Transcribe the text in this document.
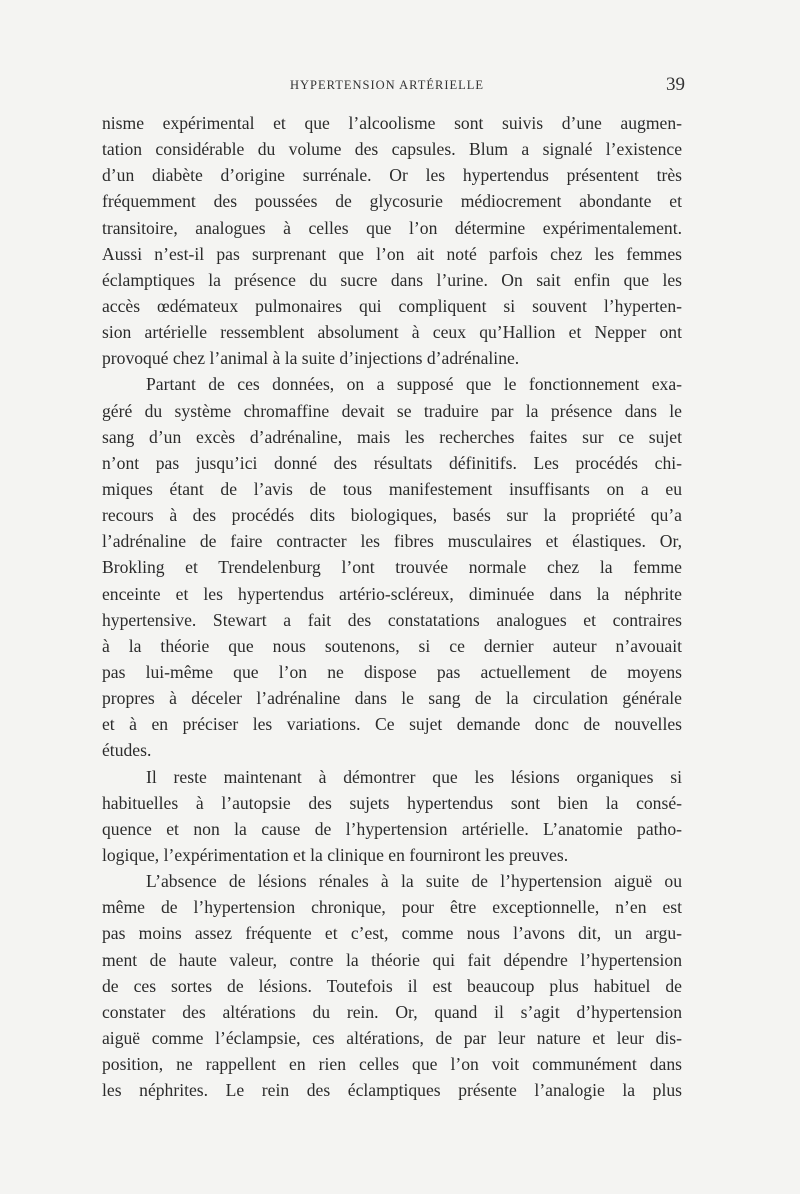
HYPERTENSION ARTÉRIELLE	39
nisme expérimental et que l’alcoolisme sont suivis d’une augmen-
tation considérable du volume des capsules. Blum a signalé l’existence
d’un diabète d’origine surrénale. Or les hypertendus présentent très
fréquemment des poussées de glycosurie médiocrement abondante et
transitoire, analogues à celles que l’on détermine expérimentalement.
Aussi n’est-il pas surprenant que l’on ait noté parfois chez les femmes
éclamptiques la présence du sucre dans l’urine. On sait enfin que les
accès œdémateux pulmonaires qui compliquent si souvent l’hyperten-
sion artérielle ressemblent absolument à ceux qu’Hallion et Nepper ont
provoqué chez l’animal à la suite d’injections d’adrénaline.
Partant de ces données, on a supposé que le fonctionnement exa-
géré du système chromaffine devait se traduire par la présence dans le
sang d’un excès d’adrénaline, mais les recherches faites sur ce sujet
n’ont pas jusqu’ici donné des résultats définitifs. Les procédés chi-
miques étant de l’avis de tous manifestement insuffisants on a eu
recours à des procédés dits biologiques, basés sur la propriété qu’a
l’adrénaline de faire contracter les fibres musculaires et élastiques. Or,
Brokling et Trendelenburg l’ont trouvée normale chez la femme
enceinte et les hypertendus artério-scléreux, diminuée dans la néphrite
hypertensive. Stewart a fait des constatations analogues et contraires
à la théorie que nous soutenons, si ce dernier auteur n’avouait
pas lui-même que l’on ne dispose pas actuellement de moyens
propres à déceler l’adrénaline dans le sang de la circulation générale
et à en préciser les variations. Ce sujet demande donc de nouvelles
études.
Il reste maintenant à démontrer que les lésions organiques si
habituelles à l’autopsie des sujets hypertendus sont bien la consé-
quence et non la cause de l’hypertension artérielle. L’anatomie patho-
logique, l’expérimentation et la clinique en fourniront les preuves.
L’absence de lésions rénales à la suite de l’hypertension aiguë ou
même de l’hypertension chronique, pour être exceptionnelle, n’en est
pas moins assez fréquente et c’est, comme nous l’avons dit, un argu-
ment de haute valeur, contre la théorie qui fait dépendre l’hypertension
de ces sortes de lésions. Toutefois il est beaucoup plus habituel de
constater des altérations du rein. Or, quand il s’agit d’hypertension
aiguë comme l’éclampsie, ces altérations, de par leur nature et leur dis-
position, ne rappellent en rien celles que l’on voit communément dans
les néphrites. Le rein des éclamptiques présente l’analogie la plus
